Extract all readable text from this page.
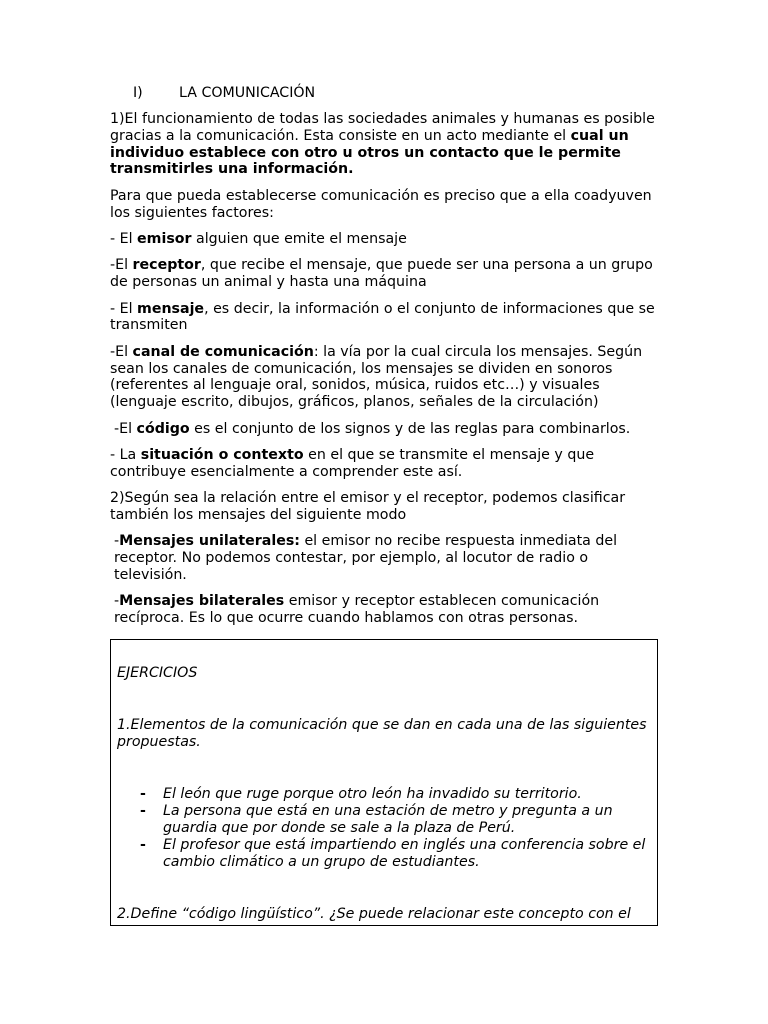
I)	LA COMUNICACIÓN

1)El funcionamiento de todas las sociedades animales y humanas es posible gracias a la comunicación. Esta consiste en un acto mediante el cual un individuo establece con otro u otros un contacto que le permite transmitirles una información.

Para que pueda establecerse comunicación es preciso que a ella coadyuven los siguientes factores:

- El emisor alguien que emite el mensaje

-El receptor, que recibe el mensaje, que puede ser una persona a un grupo de personas un animal y hasta una máquina

- El mensaje, es decir, la información o el conjunto de informaciones que se transmiten

-El canal de comunicación: la vía por la cual circula los mensajes. Según sean los canales de comunicación, los mensajes se dividen en sonoros (referentes al lenguaje oral, sonidos, música, ruidos etc…) y visuales (lenguaje escrito, dibujos, gráficos, planos, señales de la circulación)

-El código es el conjunto de los signos y de las reglas para combinarlos.

- La situación o contexto en el que se transmite el mensaje y que contribuye esencialmente a comprender este así.

2)Según sea la relación entre el emisor y el receptor, podemos clasificar también los mensajes del siguiente modo

-Mensajes unilaterales: el emisor no recibe respuesta inmediata del receptor. No podemos contestar, por ejemplo, al locutor de radio o televisión.

-Mensajes bilaterales emisor y receptor establecen comunicación recíproca. Es lo que ocurre cuando hablamos con otras personas.

EJERCICIOS

1.Elementos de la comunicación que se dan en cada una de las siguientes propuestas.

- El león que ruge porque otro león ha invadido su territorio.
- La persona que está en una estación de metro y pregunta a un guardia que por donde se sale a la plaza de Perú.
- El profesor que está impartiendo en inglés una conferencia sobre el cambio climático a un grupo de estudiantes.

2.Define “código lingüístico”. ¿Se puede relacionar este concepto con el
